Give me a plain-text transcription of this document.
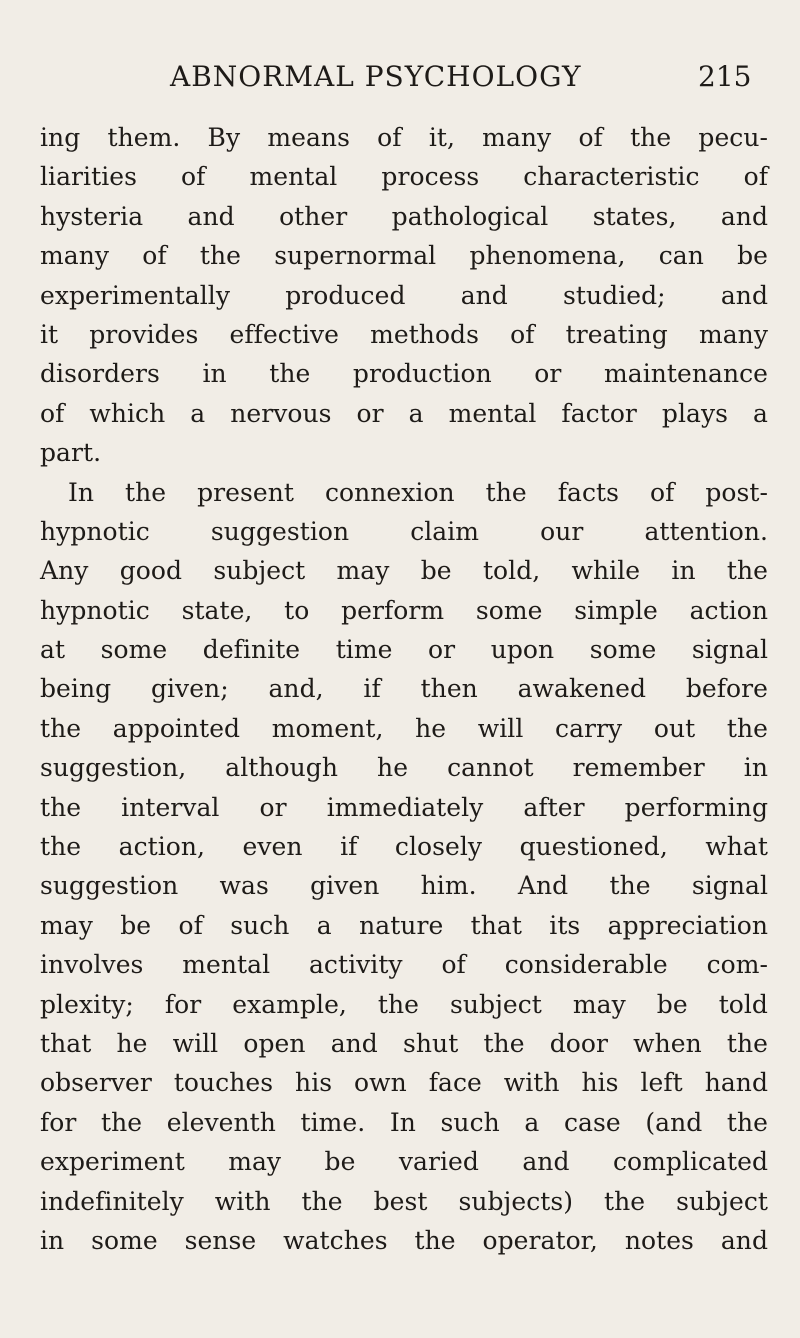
ABNORMAL PSYCHOLOGY	215
ing them. By means of it, many of the pecu-
liarities of mental process characteristic of
hysteria and other pathological states, and
many of the supernormal phenomena, can be
experimentally produced and studied; and
it provides effective methods of treating many
disorders in the production or maintenance
of which a nervous or a mental factor plays a
part.
In the present connexion the facts of post-
hypnotic suggestion claim our attention.
Any good subject may be told, while in the
hypnotic state, to perform some simple action
at some definite time or upon some signal
being given; and, if then awakened before
the appointed moment, he will carry out the
suggestion, although he cannot remember in
the interval or immediately after performing
the action, even if closely questioned, what
suggestion was given him. And the signal
may be of such a nature that its appreciation
involves mental activity of considerable com-
plexity; for example, the subject may be told
that he will open and shut the door when the
observer touches his own face with his left hand
for the eleventh time. In such a case (and the
experiment may be varied and complicated
indefinitely with the best subjects) the subject
in some sense watches the operator, notes and
